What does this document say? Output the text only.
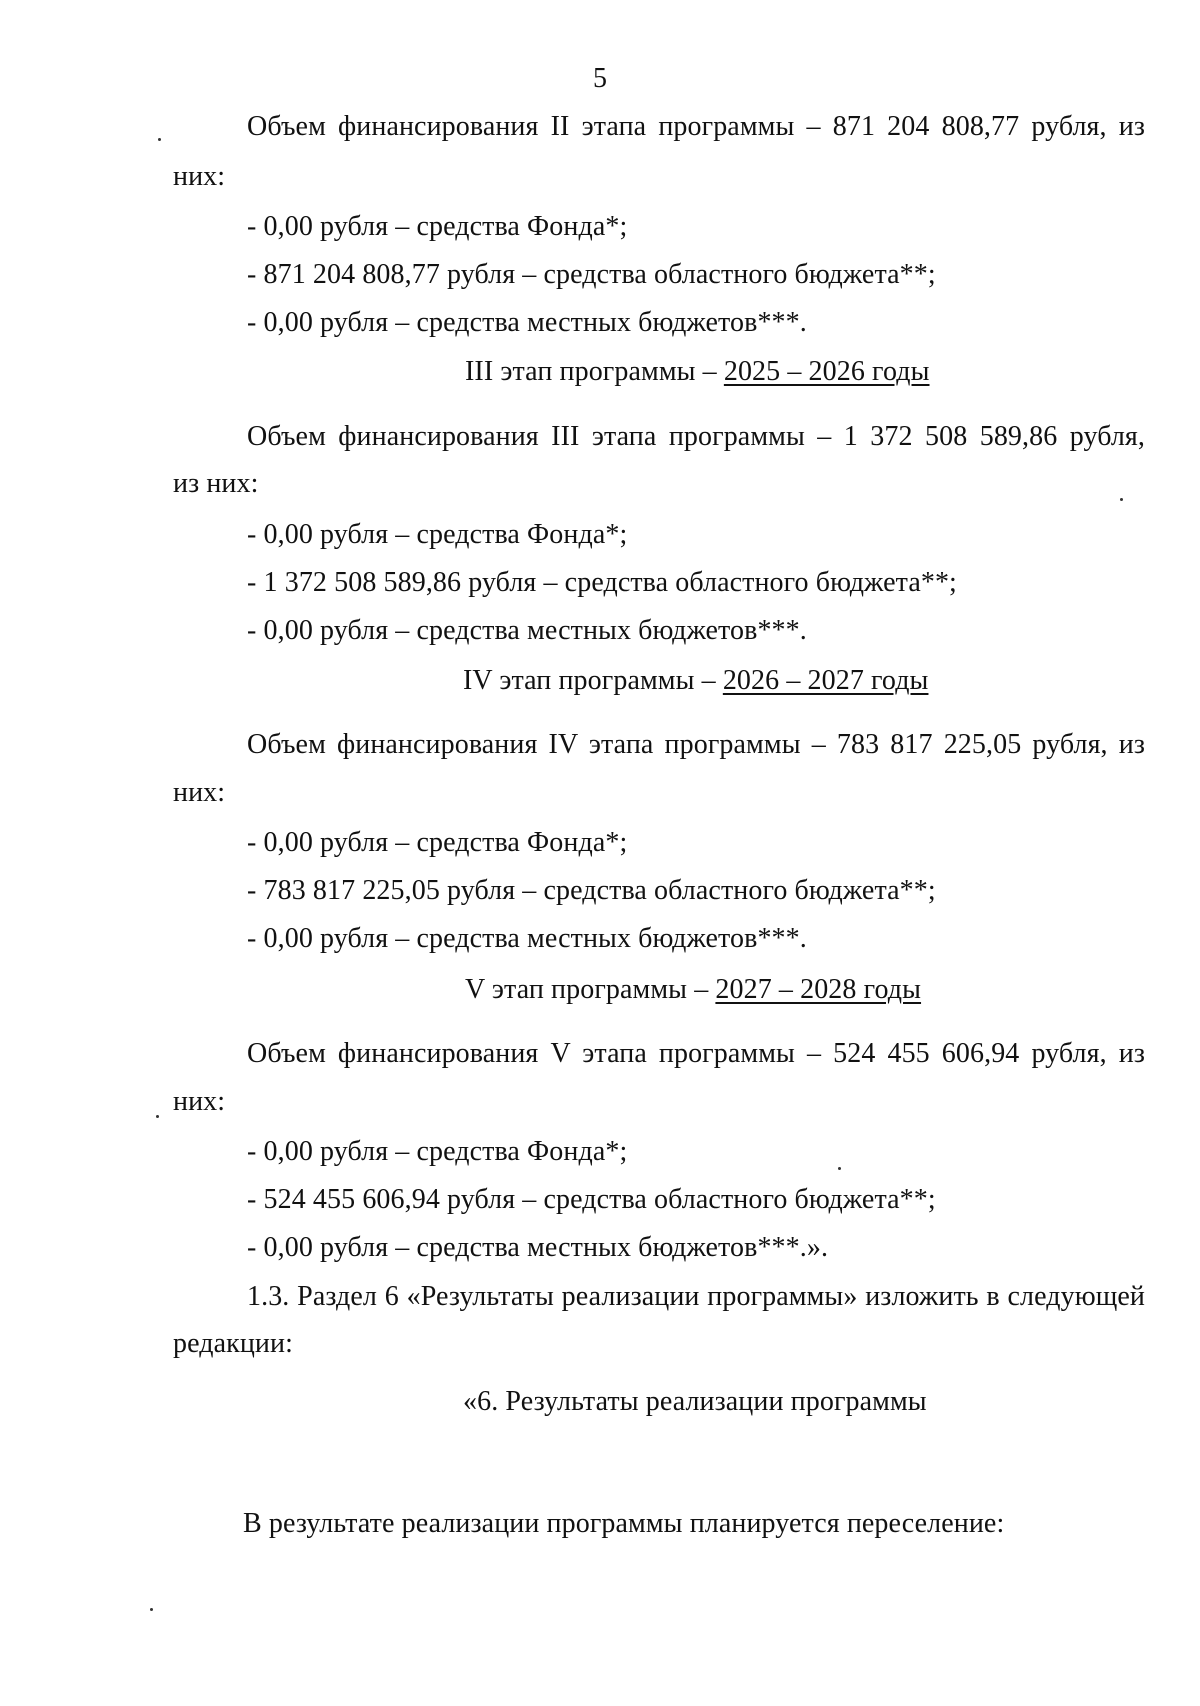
5
Объем финансирования II этапа программы – 871 204 808,77 рубля, из
них:
- 0,00 рубля – средства Фонда*;
- 871 204 808,77 рубля – средства областного бюджета**;
- 0,00 рубля – средства местных бюджетов***.
III этап программы – 2025 – 2026 годы
Объем финансирования III этапа программы – 1 372 508 589,86 рубля,
из них:
- 0,00 рубля – средства Фонда*;
- 1 372 508 589,86 рубля – средства областного бюджета**;
- 0,00 рубля – средства местных бюджетов***.
IV этап программы – 2026 – 2027 годы
Объем финансирования IV этапа программы – 783 817 225,05 рубля, из
них:
- 0,00 рубля – средства Фонда*;
- 783 817 225,05 рубля – средства областного бюджета**;
- 0,00 рубля – средства местных бюджетов***.
V этап программы – 2027 – 2028 годы
Объем финансирования V этапа программы – 524 455 606,94 рубля, из
них:
- 0,00 рубля – средства Фонда*;
- 524 455 606,94 рубля – средства областного бюджета**;
- 0,00 рубля – средства местных бюджетов***.».
1.3. Раздел 6 «Результаты реализации программы» изложить в следующей
редакции:
«6. Результаты реализации программы
В результате реализации программы планируется переселение:
